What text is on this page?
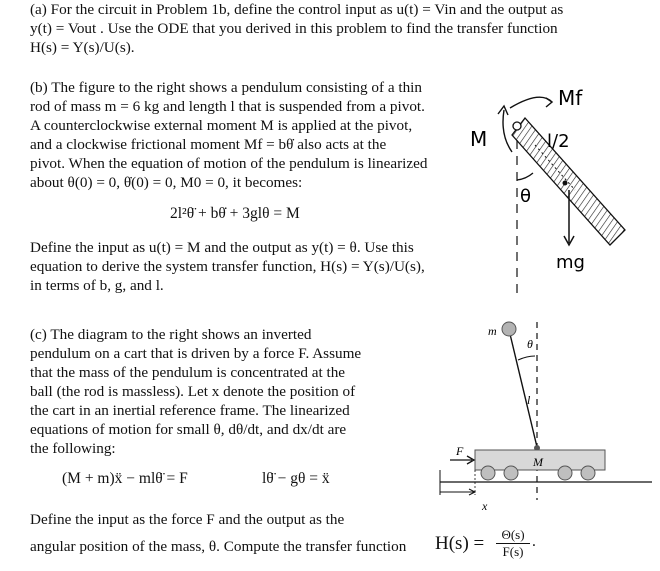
(a) For the circuit in Problem 1b, define the control input as u(t) = Vin and the output as
y(t) = Vout . Use the ODE that you derived in this problem to find the transfer function
H(s) = Y(s)/U(s).
(b) The figure to the right shows a pendulum consisting of a thin
rod of mass m = 6 kg and length l that is suspended from a pivot.
A counterclockwise external moment M is applied at the pivot,
and a clockwise frictional moment Mf = bθ̇ also acts at the
pivot. When the equation of motion of the pendulum is linearized
about θ(0) = 0, θ̇(0) = 0, M0 = 0, it becomes:
2l²θ̈ + bθ̇ + 3glθ = M
Define the input as u(t) = M and the output as y(t) = θ. Use this
equation to derive the system transfer function, H(s) = Y(s)/U(s),
in terms of b, g, and l.
M
Mf
l/2
θ
mg
(c) The diagram to the right shows an inverted
pendulum on a cart that is driven by a force F. Assume
that the mass of the pendulum is concentrated at the
ball (the rod is massless). Let x denote the position of
the cart in an inertial reference frame. The linearized
equations of motion for small θ, dθ/dt, and dx/dt are
the following:
(M + m)ẍ − mlθ̈ = F	lθ̈ − gθ = ẍ
Define the input as the force F and the output as the
angular position of the mass, θ. Compute the transfer function H(s) =	Θ(s)
F(s)
.
m
θ
l
F
M
x
